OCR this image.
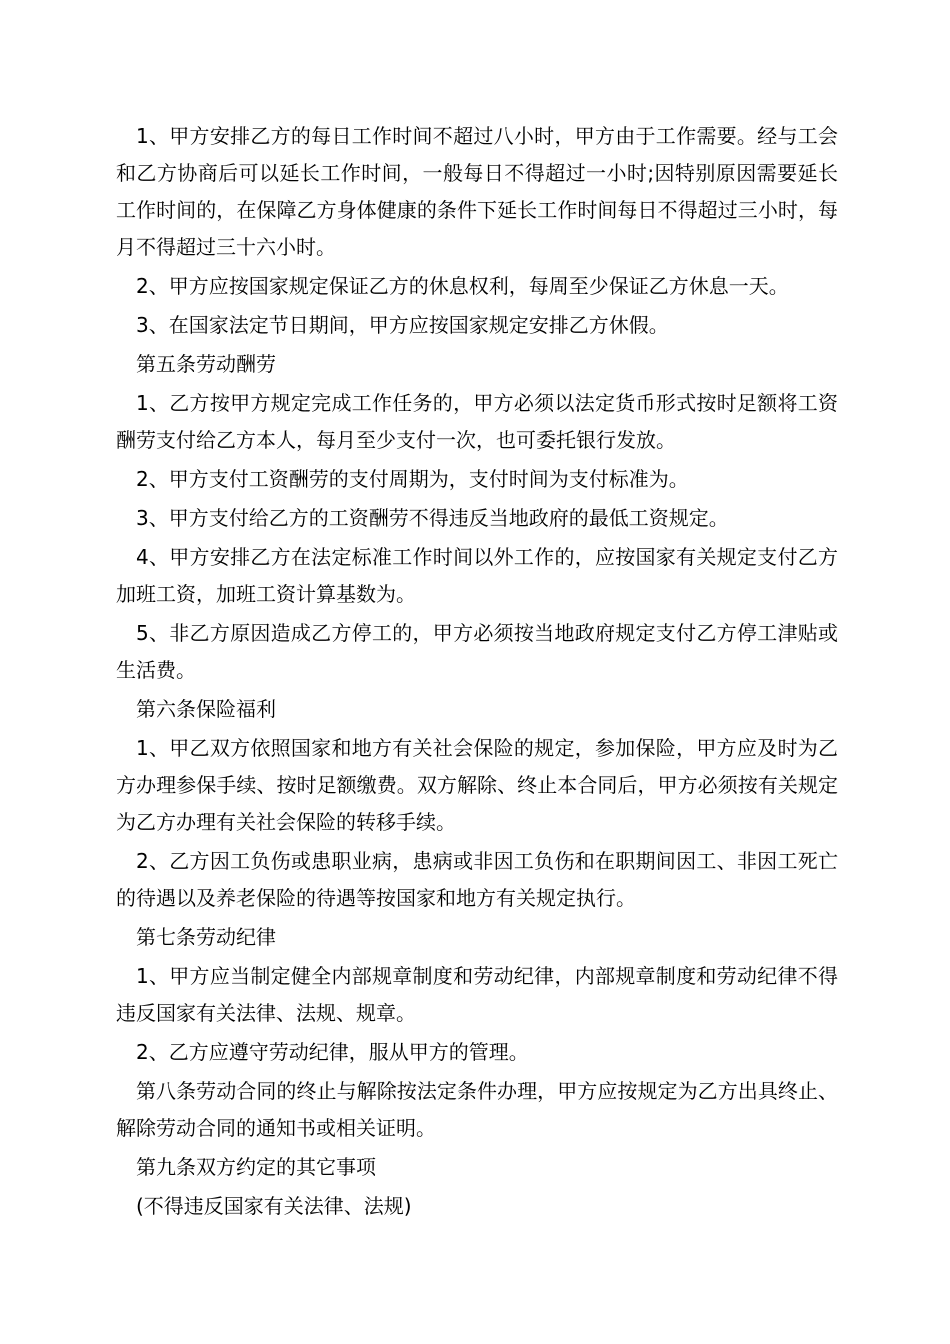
1、甲方安排乙方的每日工作时间不超过八小时，甲方由于工作需要。经与工会和乙方协商后可以延长工作时间，一般每日不得超过一小时;因特别原因需要延长工作时间的，在保障乙方身体健康的条件下延长工作时间每日不得超过三小时，每月不得超过三十六小时。

2、甲方应按国家规定保证乙方的休息权利，每周至少保证乙方休息一天。

3、在国家法定节日期间，甲方应按国家规定安排乙方休假。

第五条劳动酬劳

1、乙方按甲方规定完成工作任务的，甲方必须以法定货币形式按时足额将工资酬劳支付给乙方本人，每月至少支付一次，也可委托银行发放。

2、甲方支付工资酬劳的支付周期为，支付时间为支付标准为。

3、甲方支付给乙方的工资酬劳不得违反当地政府的最低工资规定。

4、甲方安排乙方在法定标准工作时间以外工作的，应按国家有关规定支付乙方加班工资，加班工资计算基数为。

5、非乙方原因造成乙方停工的，甲方必须按当地政府规定支付乙方停工津贴或生活费。

第六条保险福利

1、甲乙双方依照国家和地方有关社会保险的规定，参加保险，甲方应及时为乙方办理参保手续、按时足额缴费。双方解除、终止本合同后，甲方必须按有关规定为乙方办理有关社会保险的转移手续。

2、乙方因工负伤或患职业病，患病或非因工负伤和在职期间因工、非因工死亡的待遇以及养老保险的待遇等按国家和地方有关规定执行。

第七条劳动纪律

1、甲方应当制定健全内部规章制度和劳动纪律，内部规章制度和劳动纪律不得违反国家有关法律、法规、规章。

2、乙方应遵守劳动纪律，服从甲方的管理。

第八条劳动合同的终止与解除按法定条件办理，甲方应按规定为乙方出具终止、解除劳动合同的通知书或相关证明。

第九条双方约定的其它事项

(不得违反国家有关法律、法规)
